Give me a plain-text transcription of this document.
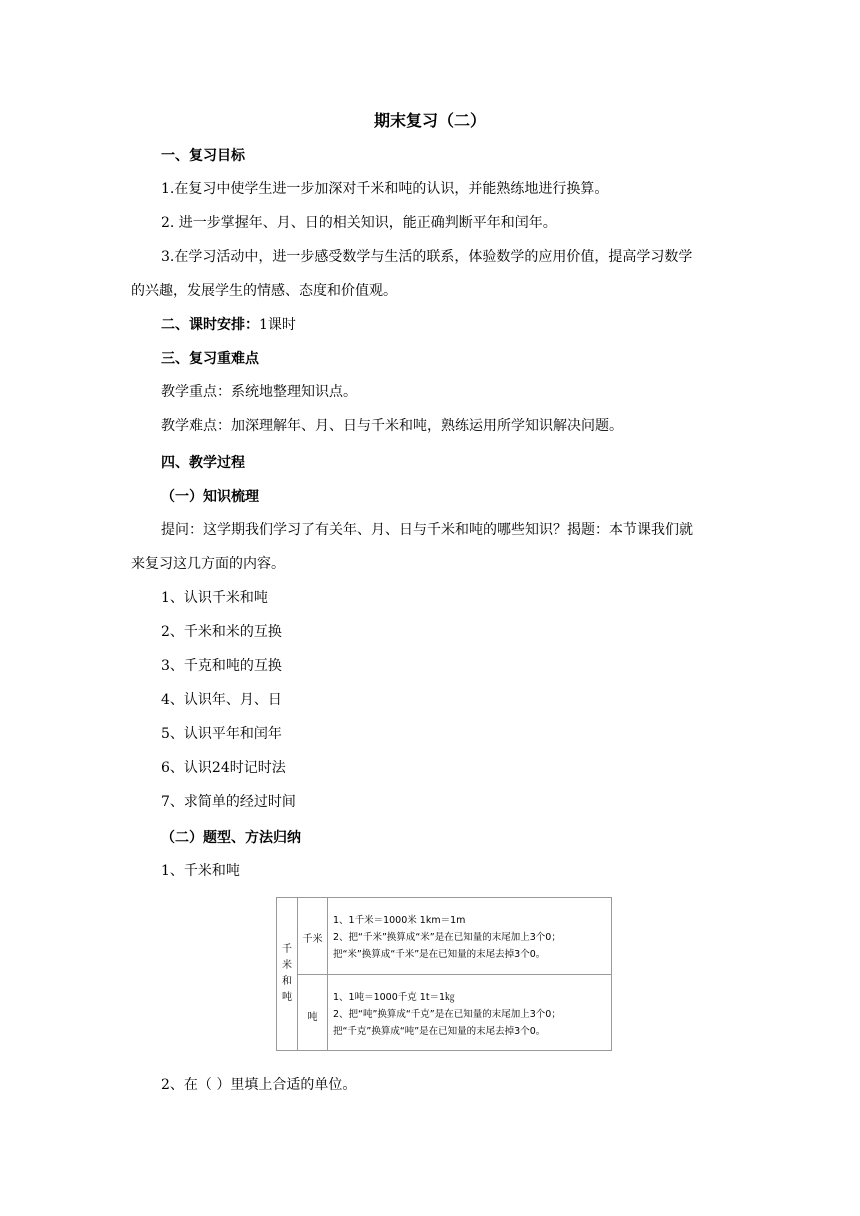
期末复习（二）
一、复习目标
1.在复习中使学生进一步加深对千米和吨的认识，并能熟练地进行换算。
2. 进一步掌握年、月、日的相关知识，能正确判断平年和闰年。
3.在学习活动中，进一步感受数学与生活的联系，体验数学的应用价值，提高学习数学
的兴趣，发展学生的情感、态度和价值观。
二、课时安排：1课时
三、复习重难点
教学重点：系统地整理知识点。
教学难点：加深理解年、月、日与千米和吨，熟练运用所学知识解决问题。
四、教学过程
（一）知识梳理
提问：这学期我们学习了有关年、月、日与千米和吨的哪些知识？揭题：本节课我们就
来复习这几方面的内容。
1、认识千米和吨
2、千米和米的互换
3、千克和吨的互换
4、认识年、月、日
5、认识平年和闰年
6、认识24时记时法
7、求简单的经过时间
（二）题型、方法归纳
1、千米和吨
千
米
和
吨
千米
吨
1、1千米＝1000米 1km＝1m
2、把“千米”换算成“米”是在已知量的末尾加上3个0；
把“米”换算成“千米”是在已知量的末尾去掉3个0。
1、1吨＝1000千克 1t＝1㎏
2、把“吨”换算成“千克”是在已知量的末尾加上3个0；
把“千克”换算成“吨”是在已知量的末尾去掉3个0。
2、在（ ）里填上合适的单位。
